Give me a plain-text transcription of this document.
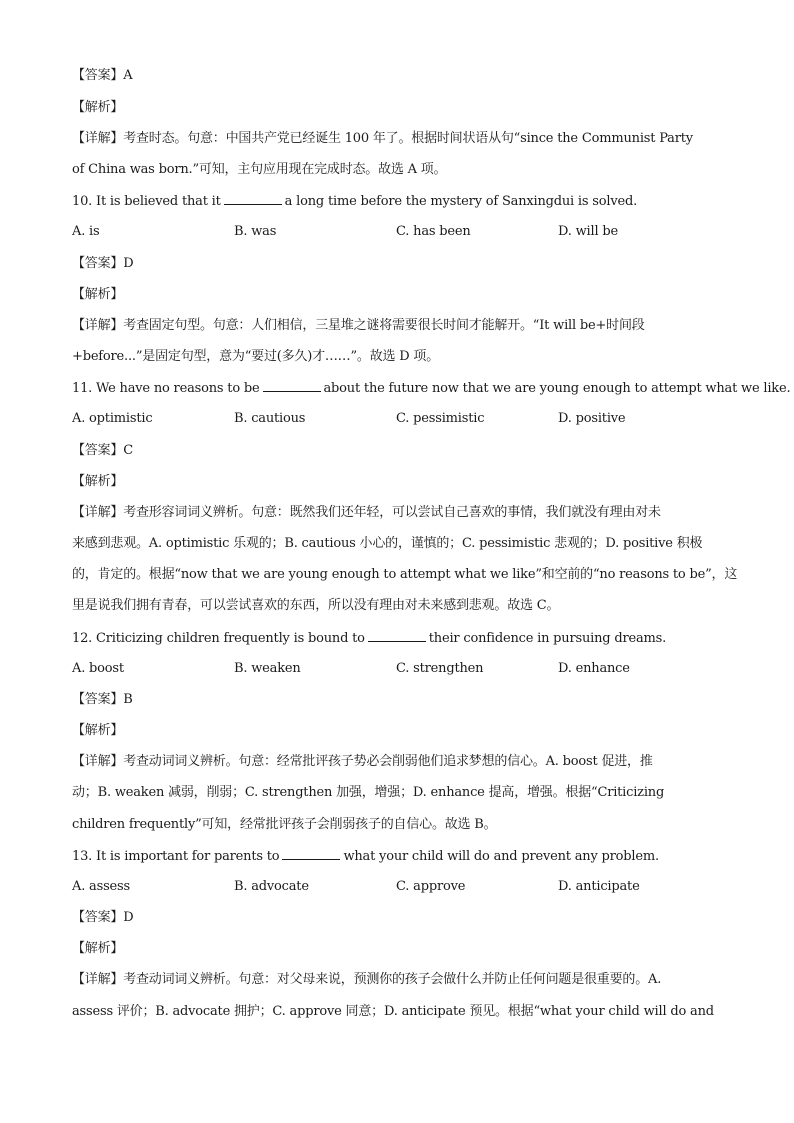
【答案】A
【解析】
【详解】考查时态。句意：中国共产党已经诞生 100 年了。根据时间状语从句“since the Communist Party
of China was born.”可知，主句应用现在完成时态。故选 A 项。
10. It is believed that it	a long time before the mystery of Sanxingdui is solved.
A. is	B. was	C. has been	D. will be
【答案】D
【解析】
【详解】考查固定句型。句意：人们相信，三星堆之谜将需要很长时间才能解开。“It will be+时间段
+before...”是固定句型，意为“要过(多久)才……”。故选 D 项。
11. We have no reasons to be	about the future now that we are young enough to attempt what we like.
A. optimistic	B. cautious	C. pessimistic	D. positive
【答案】C
【解析】
【详解】考查形容词词义辨析。句意：既然我们还年轻，可以尝试自己喜欢的事情，我们就没有理由对未
来感到悲观。A. optimistic 乐观的；B. cautious 小心的，谨慎的；C. pessimistic 悲观的；D. positive 积极
的，肯定的。根据“now that we are young enough to attempt what we like”和空前的“no reasons to be”，这
里是说我们拥有青春，可以尝试喜欢的东西，所以没有理由对未来感到悲观。故选 C。
12. Criticizing children frequently is bound to	their confidence in pursuing dreams.
A. boost	B. weaken	C. strengthen	D. enhance
【答案】B
【解析】
【详解】考查动词词义辨析。句意：经常批评孩子势必会削弱他们追求梦想的信心。A. boost 促进，推
动；B. weaken 减弱，削弱；C. strengthen 加强，增强；D. enhance 提高，增强。根据“Criticizing
children frequently”可知，经常批评孩子会削弱孩子的自信心。故选 B。
13. It is important for parents to	what your child will do and prevent any problem.
A. assess	B. advocate	C. approve	D. anticipate
【答案】D
【解析】
【详解】考查动词词义辨析。句意：对父母来说，预测你的孩子会做什么并防止任何问题是很重要的。A.
assess 评价；B. advocate 拥护；C. approve 同意；D. anticipate 预见。根据“what your child will do and
